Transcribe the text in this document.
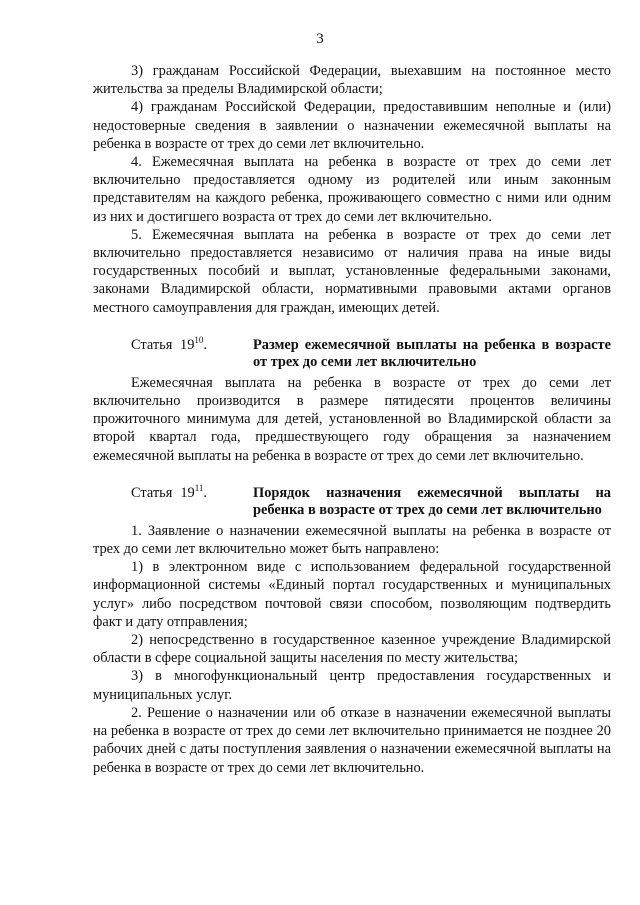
3

3) гражданам Российской Федерации, выехавшим на постоянное место жительства за пределы Владимирской области;

4) гражданам Российской Федерации, предоставившим неполные и (или) недостоверные сведения в заявлении о назначении ежемесячной выплаты на ребенка в возрасте от трех до семи лет включительно.

4. Ежемесячная выплата на ребенка в возрасте от трех до семи лет включительно предоставляется одному из родителей или иным законным представителям на каждого ребенка, проживающего совместно с ними или одним из них и достигшего возраста от трех до семи лет включительно.

5. Ежемесячная выплата на ребенка в возрасте от трех до семи лет включительно предоставляется независимо от наличия права на иные виды государственных пособий и выплат, установленные федеральными законами, законами Владимирской области, нормативными правовыми актами органов местного самоуправления для граждан, имеющих детей.

Статья $19^{10}$.	Размер ежемесячной выплаты на ребенка в возрасте от трех до семи лет включительно

Ежемесячная выплата на ребенка в возрасте от трех до семи лет включительно производится в размере пятидесяти процентов величины прожиточного минимума для детей, установленной во Владимирской области за второй квартал года, предшествующего году обращения за назначением ежемесячной выплаты на ребенка в возрасте от трех до семи лет включительно.

Статья $19^{11}$.	Порядок назначения ежемесячной выплаты на ребенка в возрасте от трех до семи лет включительно

1. Заявление о назначении ежемесячной выплаты на ребенка в возрасте от трех до семи лет включительно может быть направлено:

1) в электронном виде с использованием федеральной государственной информационной системы «Единый портал государственных и муниципальных услуг» либо посредством почтовой связи способом, позволяющим подтвердить факт и дату отправления;

2) непосредственно в государственное казенное учреждение Владимирской области в сфере социальной защиты населения по месту жительства;

3) в многофункциональный центр предоставления государственных и муниципальных услуг.

2. Решение о назначении или об отказе в назначении ежемесячной выплаты на ребенка в возрасте от трех до семи лет включительно принимается не позднее 20 рабочих дней с даты поступления заявления о назначении ежемесячной выплаты на ребенка в возрасте от трех до семи лет включительно.
